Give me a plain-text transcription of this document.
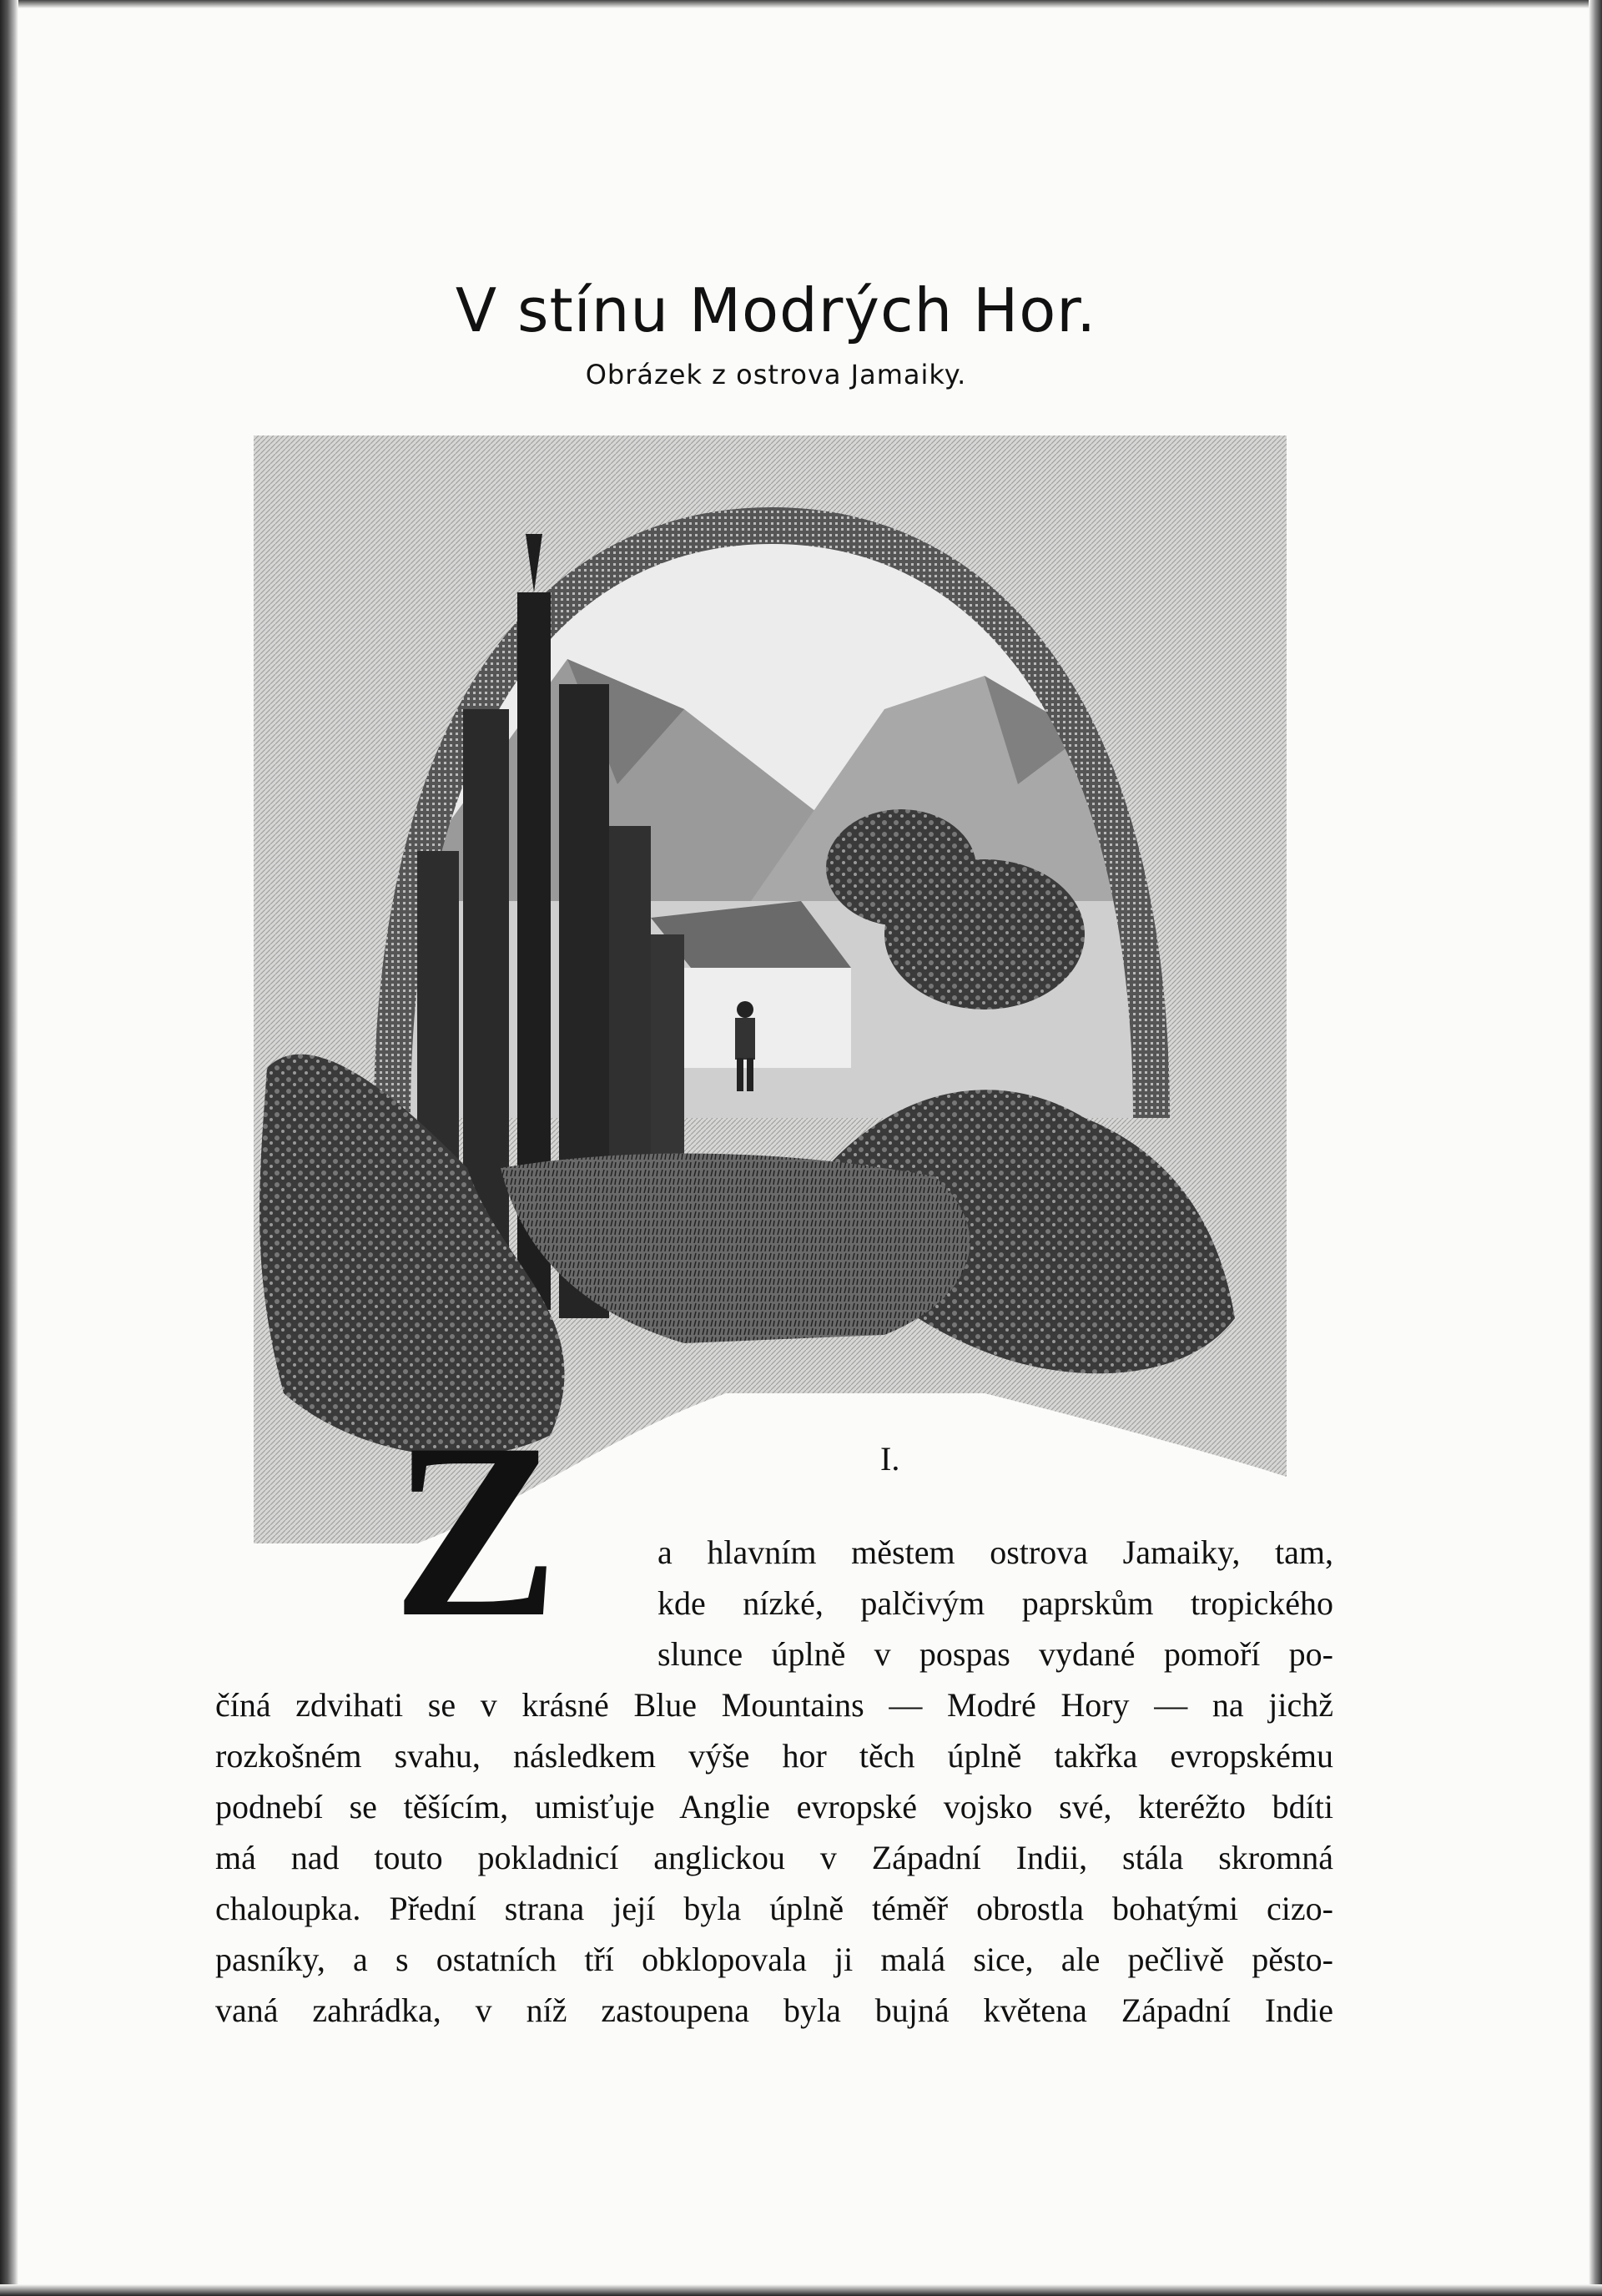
V stínu Modrých Hor.
Obrázek z ostrova Jamaiky.
Z	I.
a hlavním městem ostrova Jamaiky, tam,
kde nízké, palčivým paprskům tropického
slunce úplně v pospas vydané pomoří po-
číná zdvihati se v krásné Blue Mountains — Modré Hory — na jichž
rozkošném svahu, následkem výše hor těch úplně takřka evropskému
podnebí se těšícím, umisťuje Anglie evropské vojsko své, kteréžto bdíti
má nad touto pokladnicí anglickou v Západní Indii, stála skromná
chaloupka. Přední strana její byla úplně téměř obrostla bohatými cizo-
pasníky, a s ostatních tří obklopovala ji malá sice, ale pečlivě pěsto-
vaná zahrádka, v níž zastoupena byla bujná květena Západní Indie
